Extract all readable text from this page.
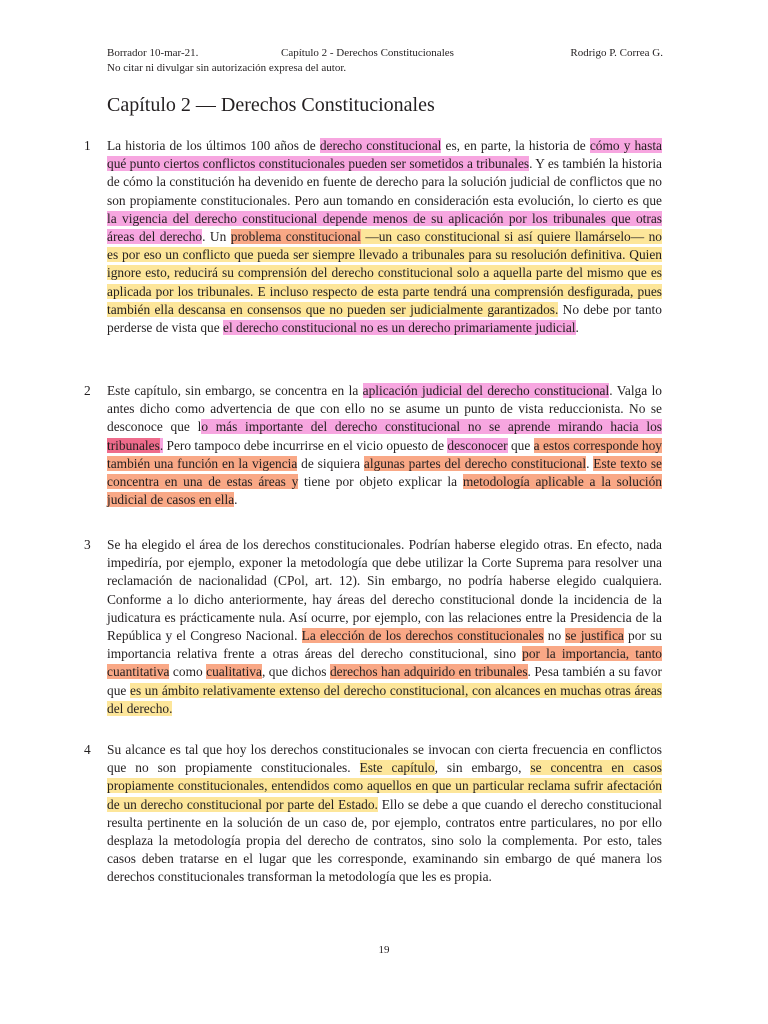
Borrador 10-mar-21.	Capítulo 2 - Derechos Constitucionales	Rodrigo P. Correa G.
No citar ni divulgar sin autorización expresa del autor.
Capítulo 2 — Derechos Constitucionales
1 La historia de los últimos 100 años de derecho constitucional es, en parte, la historia de cómo y hasta qué punto ciertos conflictos constitucionales pueden ser sometidos a tribunales. Y es también la historia de cómo la constitución ha devenido en fuente de derecho para la solución judicial de conflictos que no son propiamente constitucionales. Pero aun tomando en consideración esta evolución, lo cierto es que la vigencia del derecho constitucional depende menos de su aplicación por los tribunales que otras áreas del derecho. Un problema constitucional —un caso constitucional si así quiere llamárselo— no es por eso un conflicto que pueda ser siempre llevado a tribunales para su resolución definitiva. Quien ignore esto, reducirá su comprensión del derecho constitucional solo a aquella parte del mismo que es aplicada por los tribunales. E incluso respecto de esta parte tendrá una comprensión desfigurada, pues también ella descansa en consensos que no pueden ser judicialmente garantizados. No debe por tanto perderse de vista que el derecho constitucional no es un derecho primariamente judicial.
2 Este capítulo, sin embargo, se concentra en la aplicación judicial del derecho constitucional. Valga lo antes dicho como advertencia de que con ello no se asume un punto de vista reduccionista. No se desconoce que lo más importante del derecho constitucional no se aprende mirando hacia los tribunales. Pero tampoco debe incurrirse en el vicio opuesto de desconocer que a estos corresponde hoy también una función en la vigencia de siquiera algunas partes del derecho constitucional. Este texto se concentra en una de estas áreas y tiene por objeto explicar la metodología aplicable a la solución judicial de casos en ella.
3 Se ha elegido el área de los derechos constitucionales. Podrían haberse elegido otras. En efecto, nada impediría, por ejemplo, exponer la metodología que debe utilizar la Corte Suprema para resolver una reclamación de nacionalidad (CPol, art. 12). Sin embargo, no podría haberse elegido cualquiera. Conforme a lo dicho anteriormente, hay áreas del derecho constitucional donde la incidencia de la judicatura es prácticamente nula. Así ocurre, por ejemplo, con las relaciones entre la Presidencia de la República y el Congreso Nacional. La elección de los derechos constitucionales no se justifica por su importancia relativa frente a otras áreas del derecho constitucional, sino por la importancia, tanto cuantitativa como cualitativa, que dichos derechos han adquirido en tribunales. Pesa también a su favor que es un ámbito relativamente extenso del derecho constitucional, con alcances en muchas otras áreas del derecho.
4 Su alcance es tal que hoy los derechos constitucionales se invocan con cierta frecuencia en conflictos que no son propiamente constitucionales. Este capítulo, sin embargo, se concentra en casos propiamente constitucionales, entendidos como aquellos en que un particular reclama sufrir afectación de un derecho constitucional por parte del Estado. Ello se debe a que cuando el derecho constitucional resulta pertinente en la solución de un caso de, por ejemplo, contratos entre particulares, no por ello desplaza la metodología propia del derecho de contratos, sino solo la complementa. Por esto, tales casos deben tratarse en el lugar que les corresponde, examinando sin embargo de qué manera los derechos constitucionales transforman la metodología que les es propia.
19
